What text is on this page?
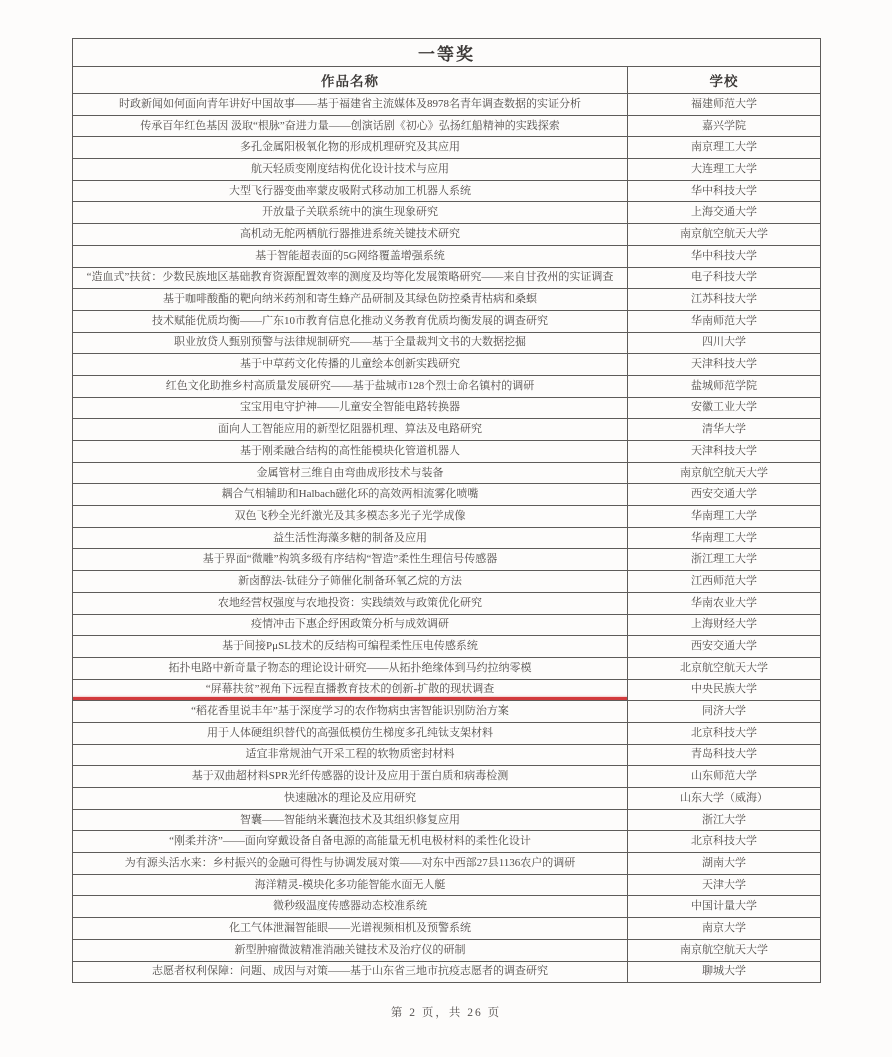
一等奖	
作品名称	学校
时政新闻如何面向青年讲好中国故事——基于福建省主流媒体及8978名青年调查数据的实证分析	福建师范大学
传承百年红色基因 汲取“根脉”奋进力量——创演话剧《初心》弘扬红船精神的实践探索	嘉兴学院
多孔金属阳极氧化物的形成机理研究及其应用	南京理工大学
航天轻质变刚度结构优化设计技术与应用	大连理工大学
大型飞行器变曲率蒙皮吸附式移动加工机器人系统	华中科技大学
开放量子关联系统中的演生现象研究	上海交通大学
高机动无舵两栖航行器推进系统关键技术研究	南京航空航天大学
基于智能超表面的5G网络覆盖增强系统	华中科技大学
“造血式”扶贫：少数民族地区基础教育资源配置效率的测度及均等化发展策略研究——来自甘孜州的实证调查	电子科技大学
基于咖啡酸酯的靶向纳米药剂和寄生蜂产品研制及其绿色防控桑青枯病和桑螟	江苏科技大学
技术赋能优质均衡——广东10市教育信息化推动义务教育优质均衡发展的调查研究	华南师范大学
职业放贷人甄别预警与法律规制研究——基于全量裁判文书的大数据挖掘	四川大学
基于中草药文化传播的儿童绘本创新实践研究	天津科技大学
红色文化助推乡村高质量发展研究——基于盐城市128个烈士命名镇村的调研	盐城师范学院
宝宝用电守护神——儿童安全智能电路转换器	安徽工业大学
面向人工智能应用的新型忆阻器机理、算法及电路研究	清华大学
基于刚柔融合结构的高性能模块化管道机器人	天津科技大学
金属管材三维自由弯曲成形技术与装备	南京航空航天大学
耦合气相辅助和Halbach磁化环的高效两相流雾化喷嘴	西安交通大学
双色飞秒全光纤激光及其多模态多光子光学成像	华南理工大学
益生活性海藻多糖的制备及应用	华南理工大学
基于界面“微雕”构筑多级有序结构“智造”柔性生理信号传感器	浙江理工大学
新卤醇法-钛硅分子筛催化制备环氧乙烷的方法	江西师范大学
农地经营权强度与农地投资：实践绩效与政策优化研究	华南农业大学
疫情冲击下惠企纾困政策分析与成效调研	上海财经大学
基于间接PμSL技术的反结构可编程柔性压电传感系统	西安交通大学
拓扑电路中新奇量子物态的理论设计研究——从拓扑绝缘体到马约拉纳零模	北京航空航天大学
“屏幕扶贫”视角下远程直播教育技术的创新-扩散的现状调查	中央民族大学
“稻花香里说丰年”基于深度学习的农作物病虫害智能识别防治方案	同济大学
用于人体硬组织替代的高强低模仿生梯度多孔纯钛支架材料	北京科技大学
适宜非常规油气开采工程的软物质密封材料	青岛科技大学
基于双曲超材料SPR光纤传感器的设计及应用于蛋白质和病毒检测	山东师范大学
快速融冰的理论及应用研究	山东大学（威海）
智囊——智能纳米囊泡技术及其组织修复应用	浙江大学
“刚柔并济”——面向穿戴设备自备电源的高能量无机电极材料的柔性化设计	北京科技大学
为有源头活水来：乡村振兴的金融可得性与协调发展对策——对东中西部27县1136农户的调研	湖南大学
海洋精灵-模块化多功能智能水面无人艇	天津大学
微秒级温度传感器动态校准系统	中国计量大学
化工气体泄漏智能眼——光谱视频相机及预警系统	南京大学
新型肿瘤微波精准消融关键技术及治疗仪的研制	南京航空航天大学
志愿者权利保障：问题、成因与对策——基于山东省三地市抗疫志愿者的调查研究	聊城大学
第 2 页，共 26 页
